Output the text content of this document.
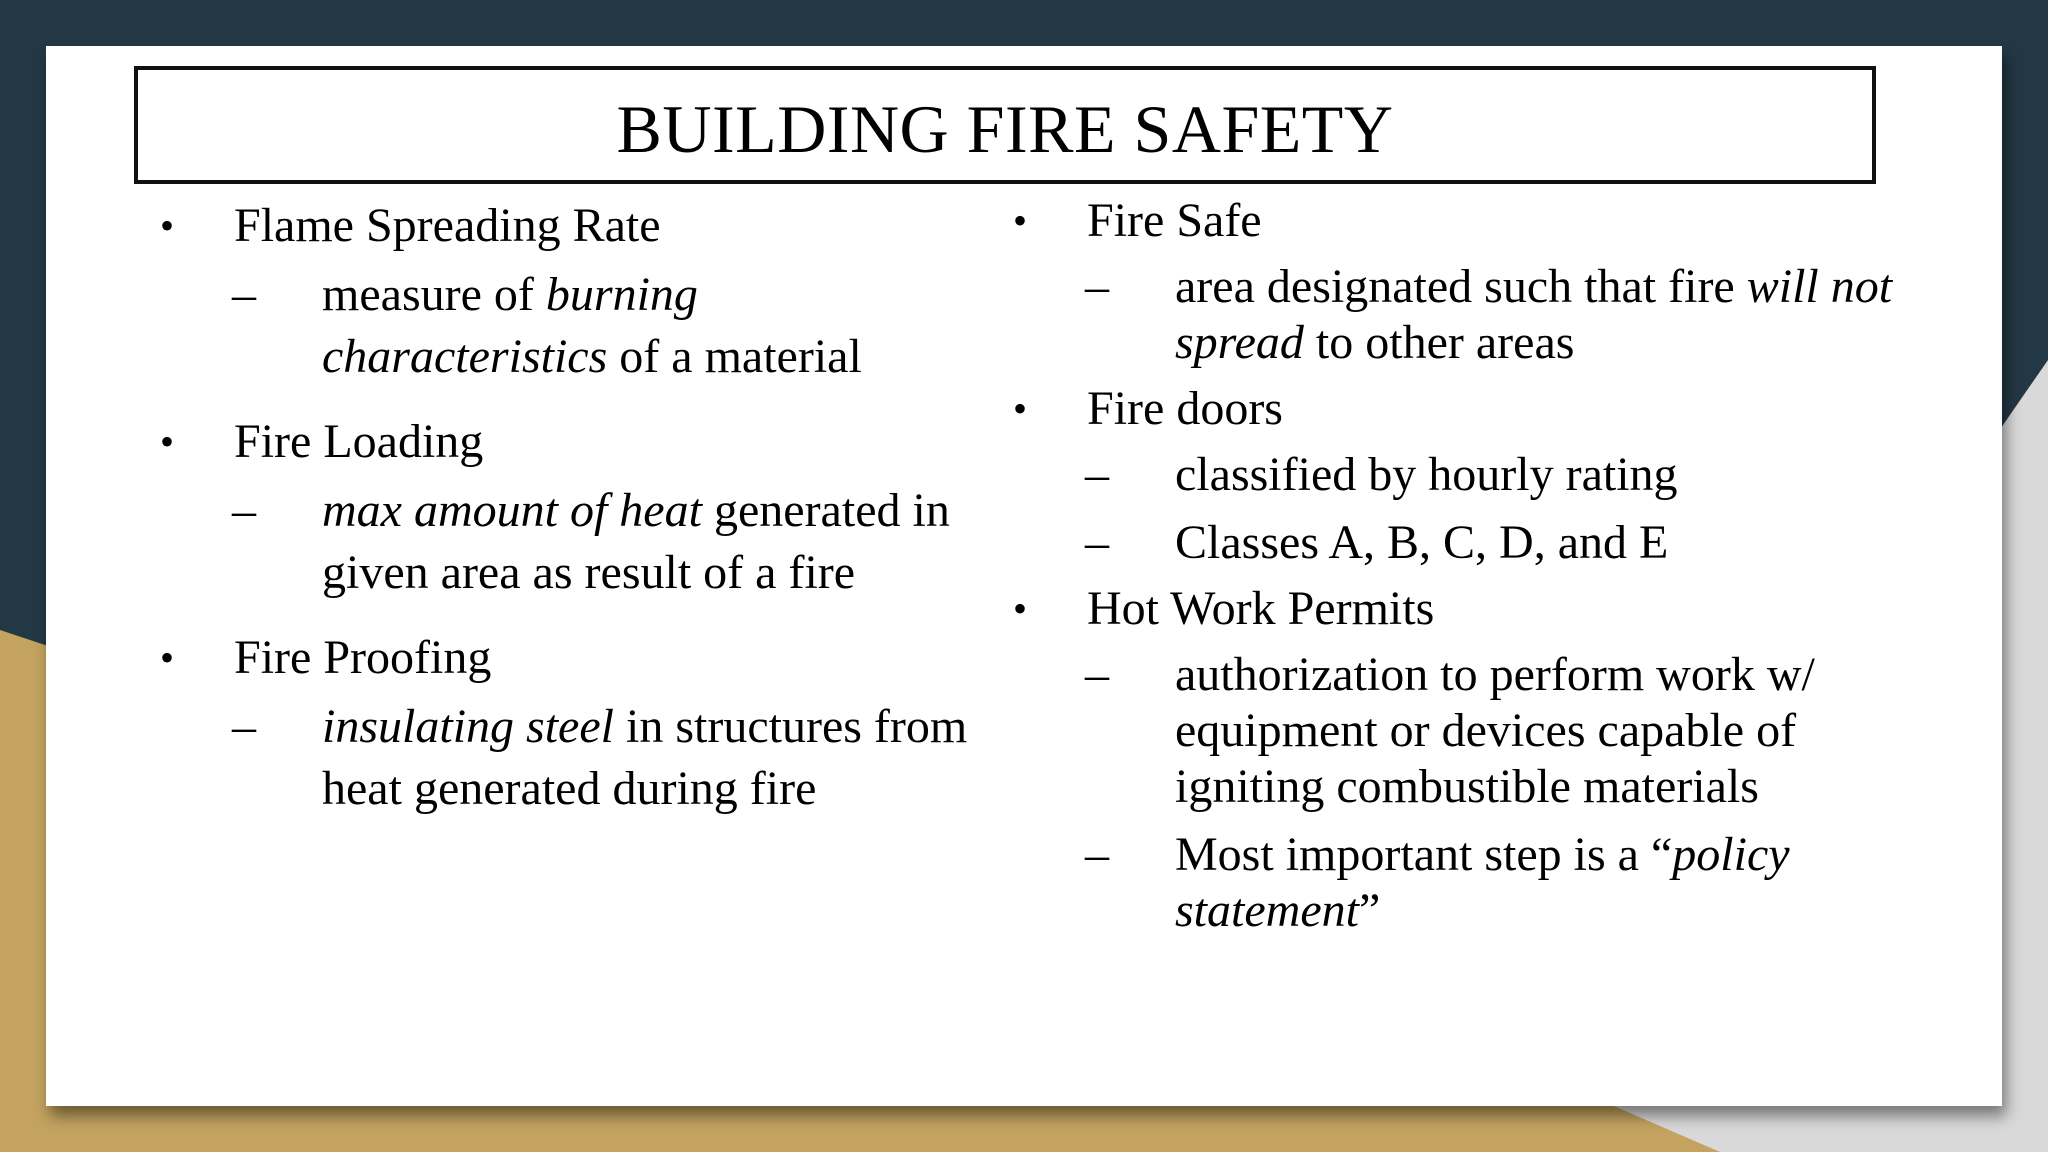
BUILDING FIRE SAFETY
•	Flame Spreading Rate
–	measure of burning characteristics of a material
•	Fire Loading
–	max amount of heat generated in given area as result of a fire
•	Fire Proofing
–	insulating steel in structures from heat generated during fire
•	Fire Safe
–	area designated such that fire will not spread to other areas
•	Fire doors
–	classified by hourly rating
–	Classes A, B, C, D, and E
•	Hot Work Permits
–	authorization to perform work w/ equipment or devices capable of igniting combustible materials
–	Most important step is a “policy statement”
